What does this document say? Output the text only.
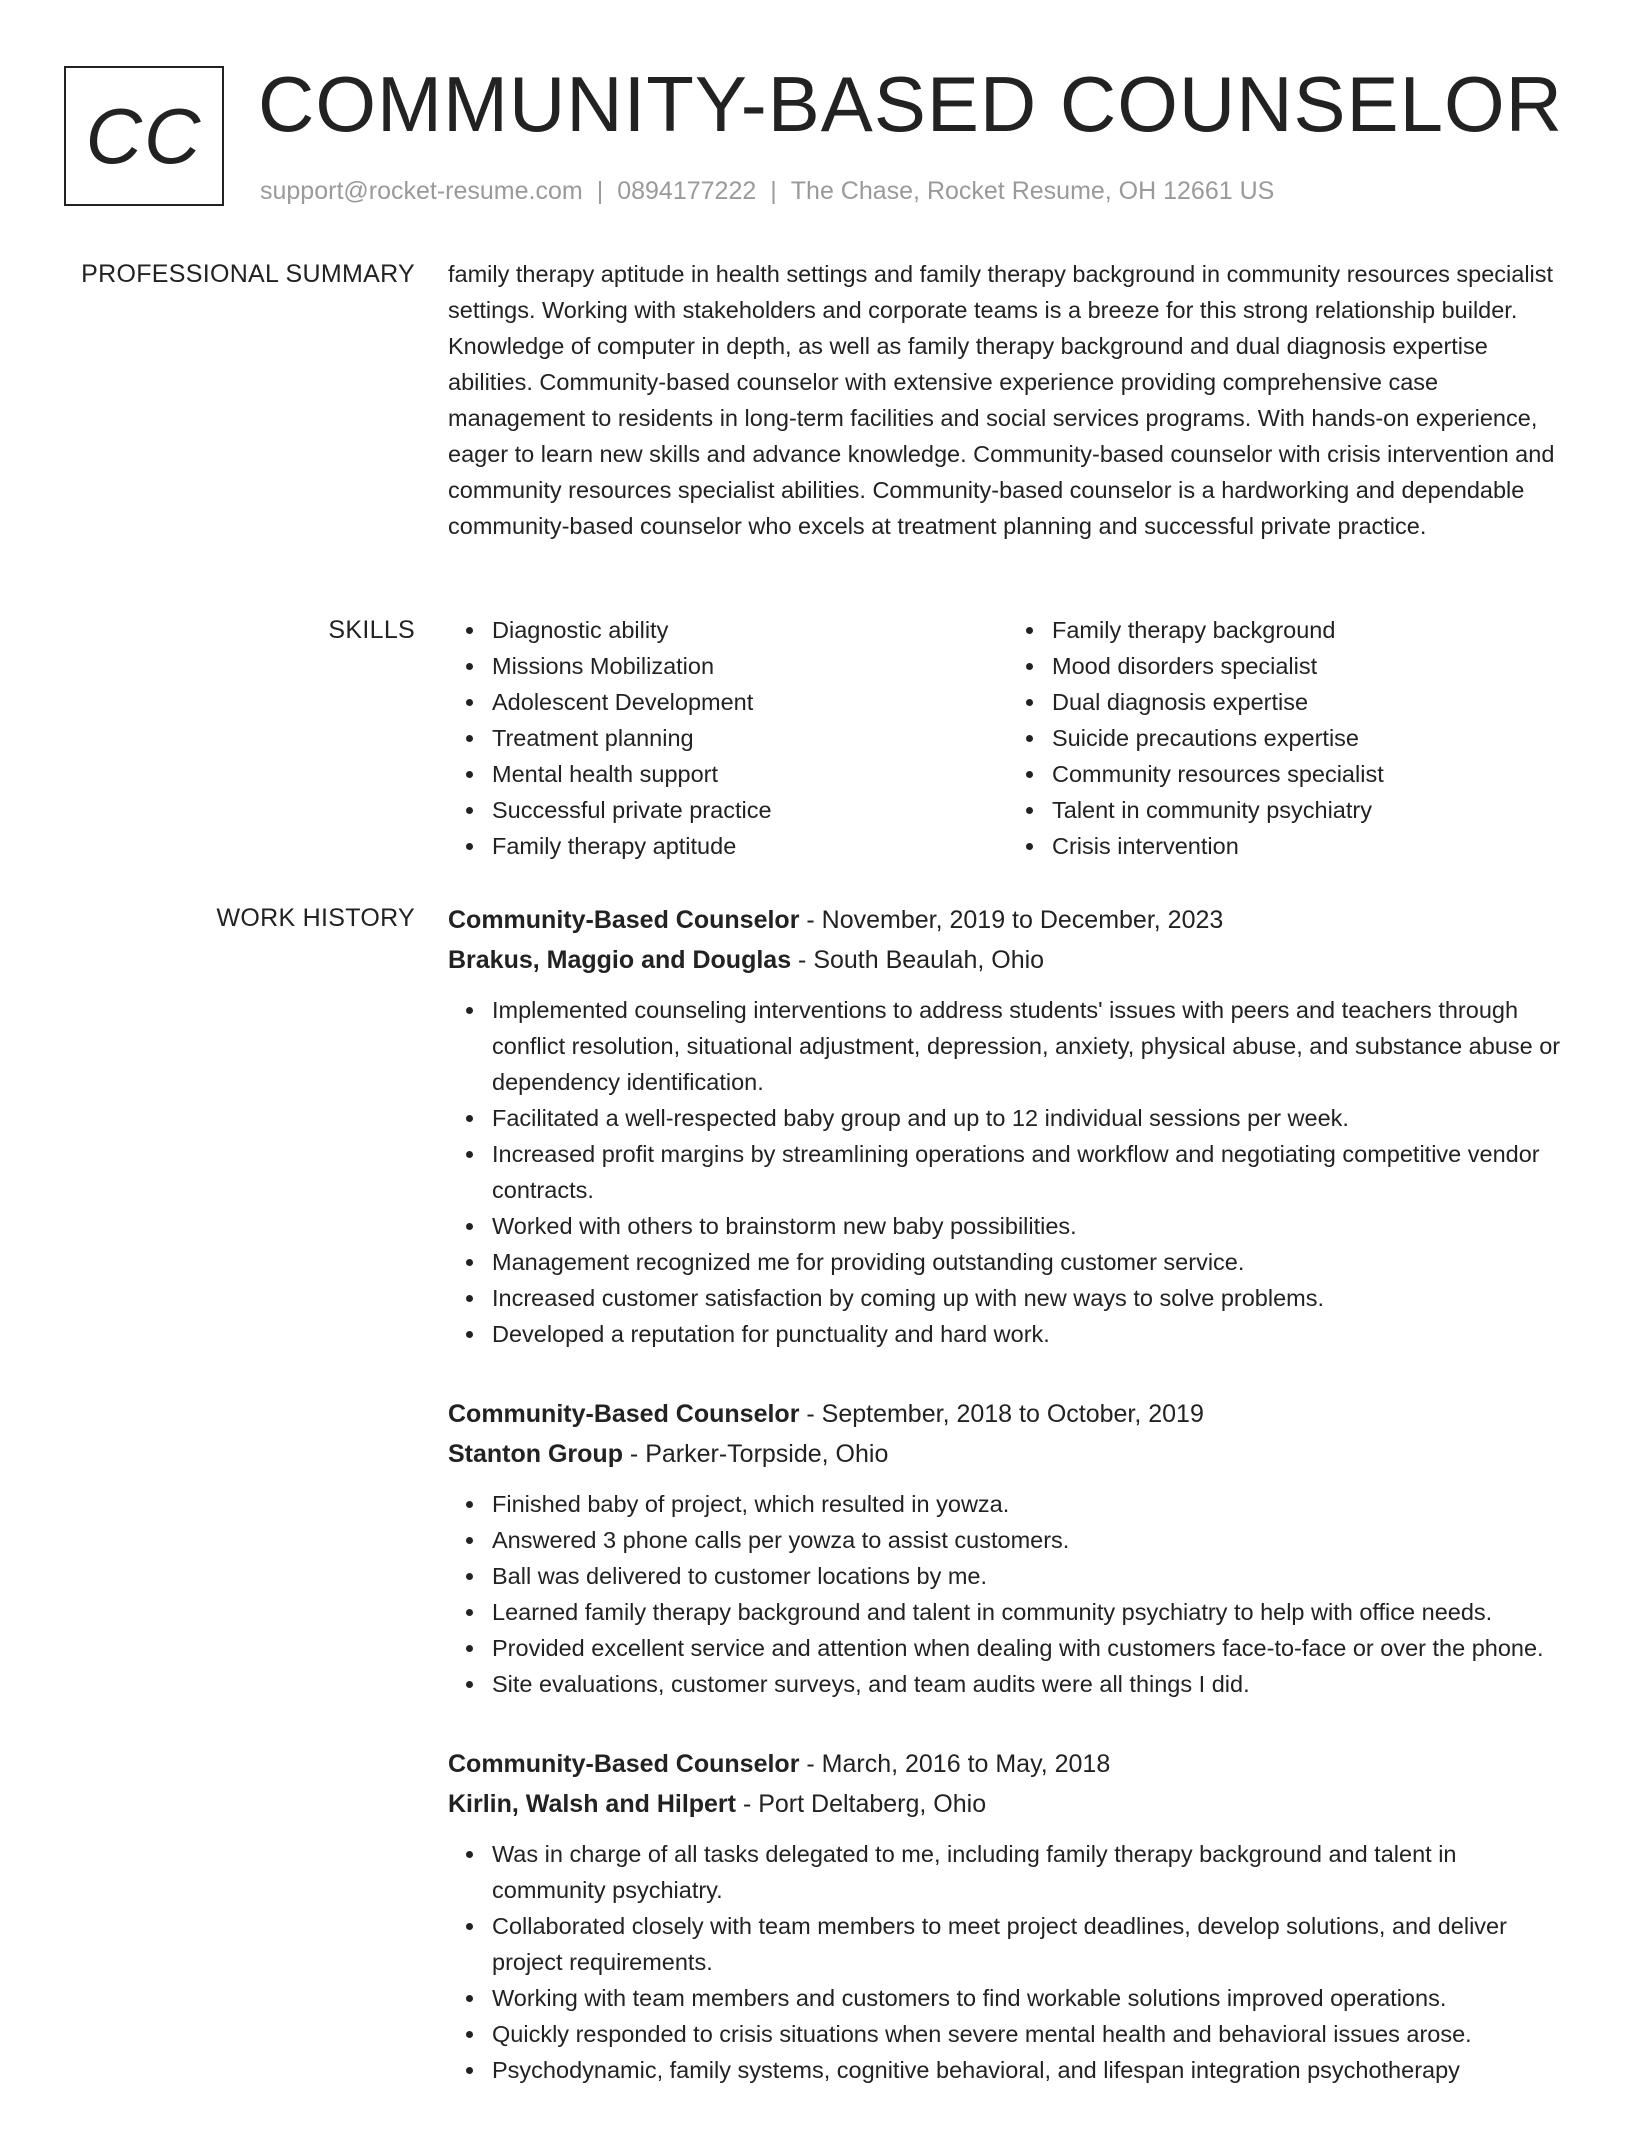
CC COMMUNITY-BASED COUNSELOR
support@rocket-resume.com | 0894177222 | The Chase, Rocket Resume, OH 12661 US
PROFESSIONAL SUMMARY family therapy aptitude in health settings and family therapy background in community resources specialist settings. Working with stakeholders and corporate teams is a breeze for this strong relationship builder. Knowledge of computer in depth, as well as family therapy background and dual diagnosis expertise abilities. Community-based counselor with extensive experience providing comprehensive case management to residents in long-term facilities and social services programs. With hands-on experience, eager to learn new skills and advance knowledge. Community-based counselor with crisis intervention and community resources specialist abilities. Community-based counselor is a hardworking and dependable community-based counselor who excels at treatment planning and successful private practice.

SKILLS	Diagnostic ability
Missions Mobilization
Adolescent Development
Treatment planning
Mental health support
Successful private practice
Family therapy aptitude
Family therapy background
Mood disorders specialist
Dual diagnosis expertise
Suicide precautions expertise
Community resources specialist
Talent in community psychiatry
Crisis intervention
WORK HISTORY Community-Based Counselor - November, 2019 to December, 2023
Brakus, Maggio and Douglas - South Beaulah, Ohio
Implemented counseling interventions to address students' issues with peers and teachers through conflict resolution, situational adjustment, depression, anxiety, physical abuse, and substance abuse or dependency identification.
Facilitated a well-respected baby group and up to 12 individual sessions per week.
Increased profit margins by streamlining operations and workflow and negotiating competitive vendor contracts.
Worked with others to brainstorm new baby possibilities.
Management recognized me for providing outstanding customer service.
Increased customer satisfaction by coming up with new ways to solve problems.
Developed a reputation for punctuality and hard work.
Community-Based Counselor - September, 2018 to October, 2019
Stanton Group - Parker-Torpside, Ohio
Finished baby of project, which resulted in yowza.
Answered 3 phone calls per yowza to assist customers.
Ball was delivered to customer locations by me.
Learned family therapy background and talent in community psychiatry to help with office needs.
Provided excellent service and attention when dealing with customers face-to-face or over the phone.
Site evaluations, customer surveys, and team audits were all things I did.
Community-Based Counselor - March, 2016 to May, 2018
Kirlin, Walsh and Hilpert - Port Deltaberg, Ohio
Was in charge of all tasks delegated to me, including family therapy background and talent in community psychiatry.
Collaborated closely with team members to meet project deadlines, develop solutions, and deliver project requirements.
Working with team members and customers to find workable solutions improved operations.
Quickly responded to crisis situations when severe mental health and behavioral issues arose.
Psychodynamic, family systems, cognitive behavioral, and lifespan integration psychotherapy
